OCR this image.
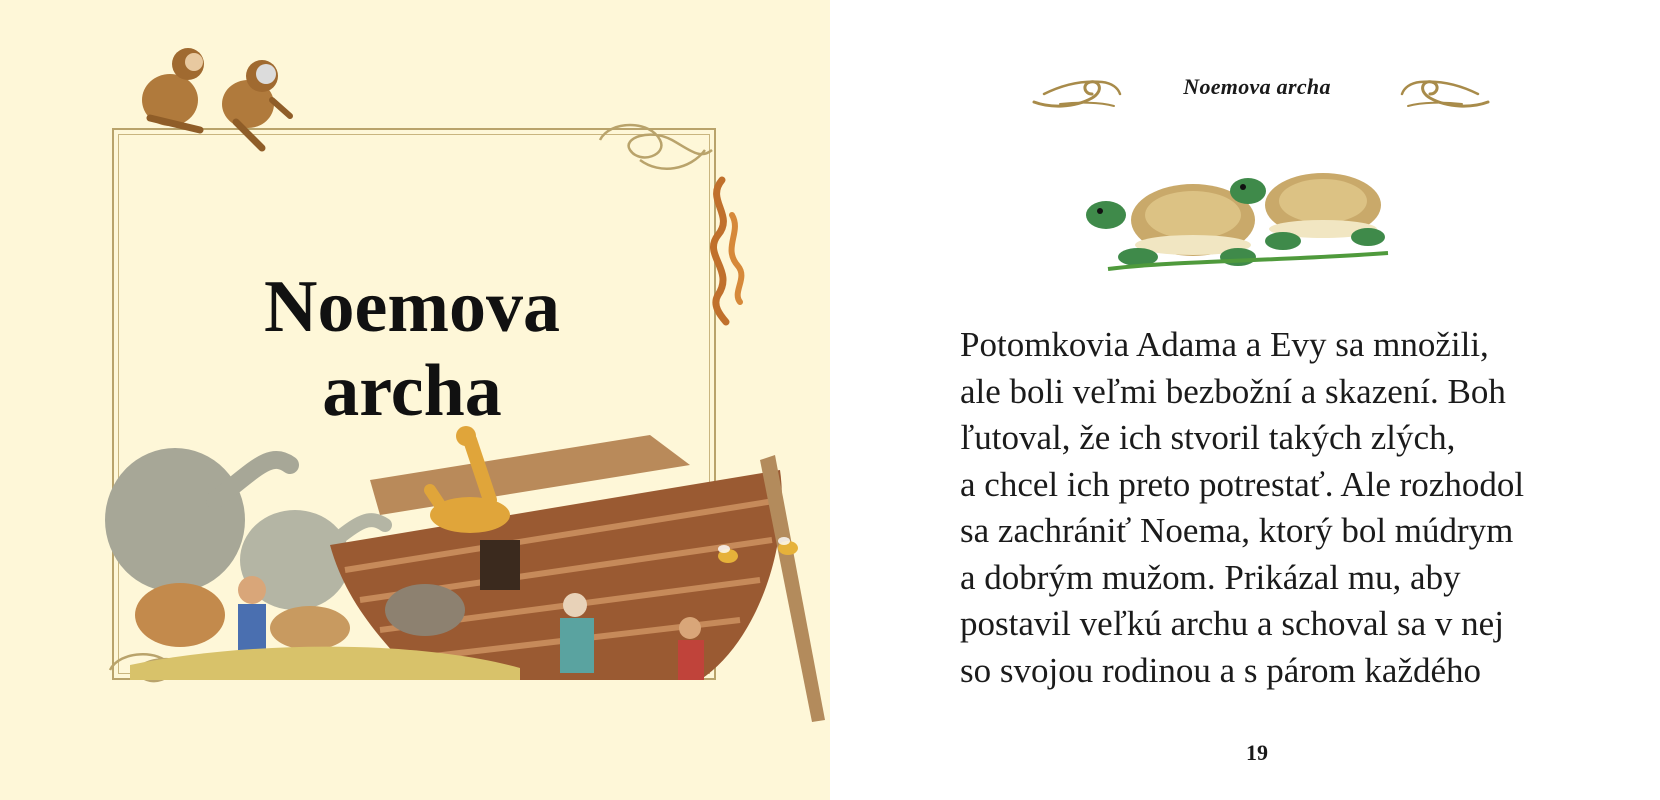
Noemova
archa
Noemova archa
Potomkovia Adama a Evy sa množili,
ale boli veľmi bezbožní a skazení. Boh
ľutoval, že ich stvoril takých zlých,
a chcel ich preto potrestať. Ale rozhodol
sa zachrániť Noema, ktorý bol múdrym
a dobrým mužom. Prikázal mu, aby
postavil veľkú archu a schoval sa v nej
so svojou rodinou a s párom každého
19
